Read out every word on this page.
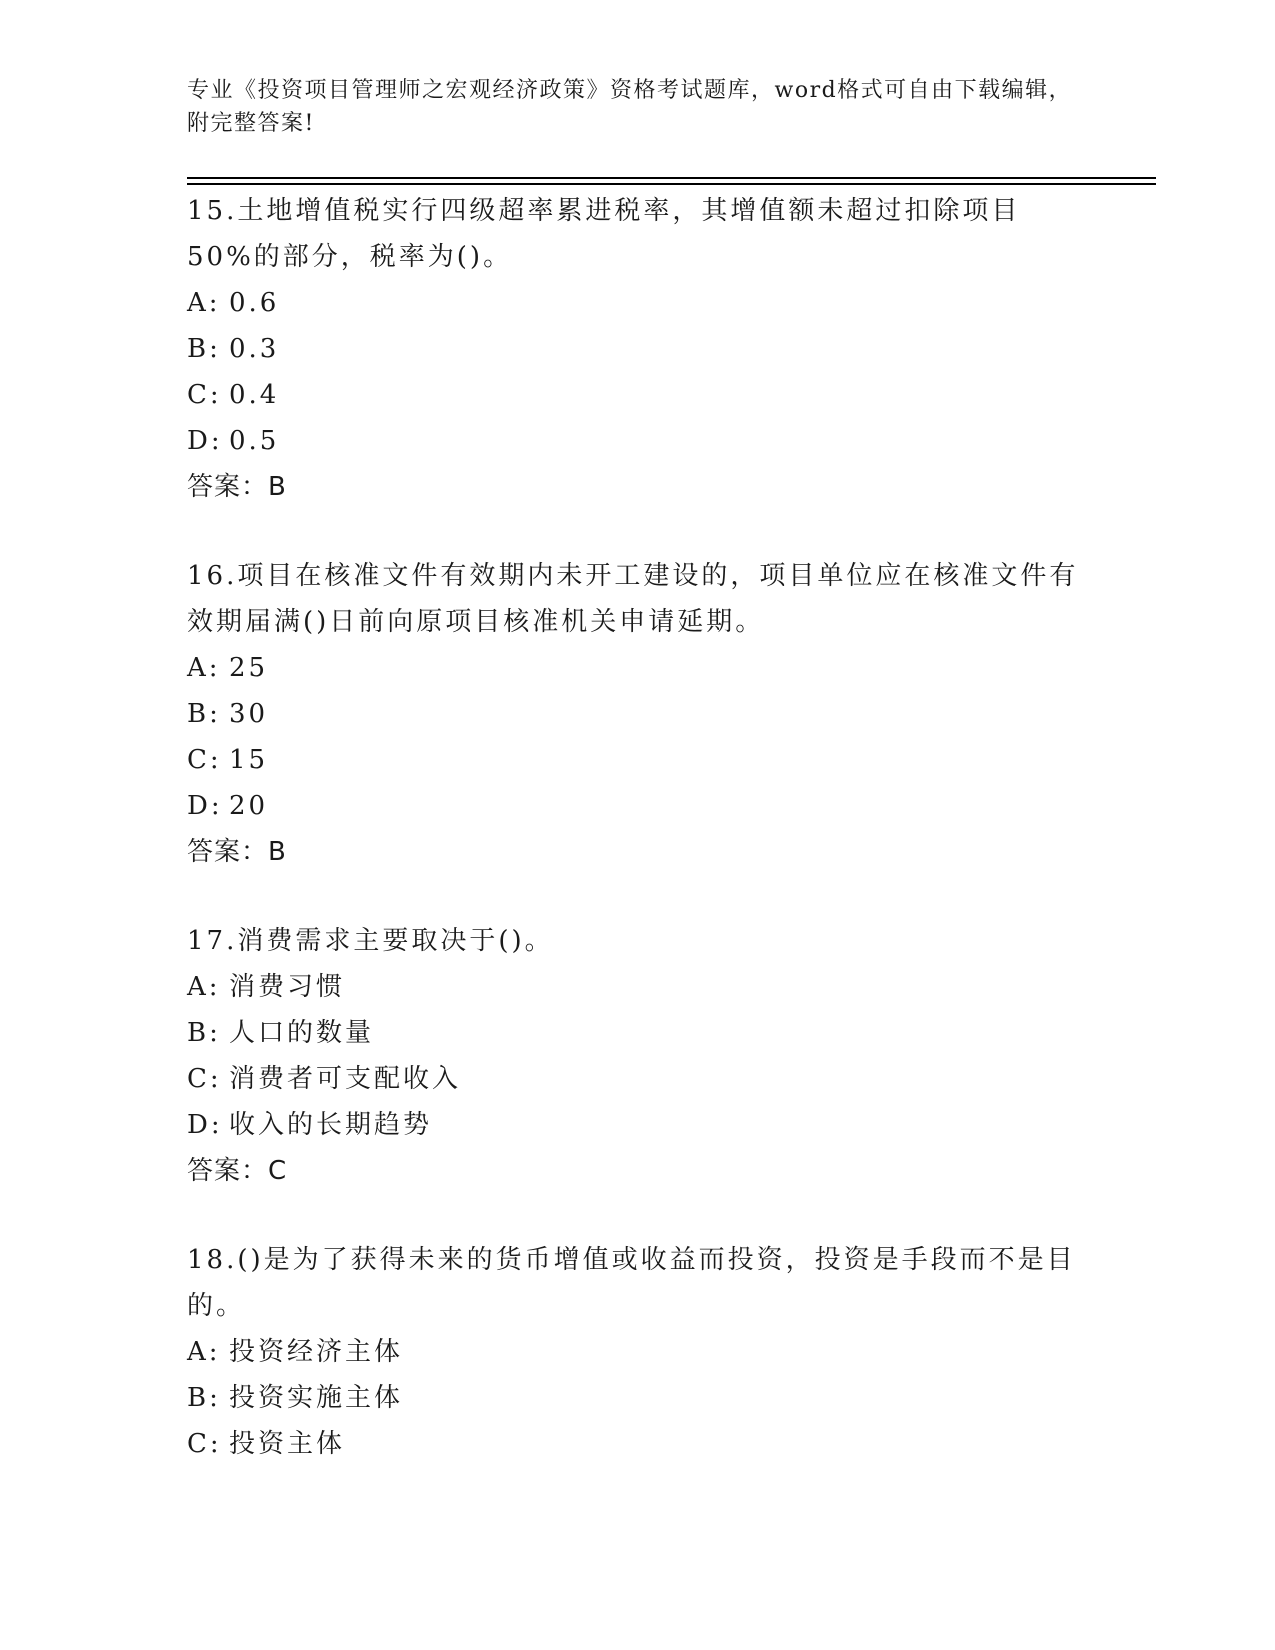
专业《投资项目管理师之宏观经济政策》资格考试题库，word格式可自由下载编辑，附完整答案!
15.土地增值税实行四级超率累进税率，其增值额未超过扣除项目50%的部分，税率为()。
A: 0.6
B: 0.3
C: 0.4
D: 0.5
答案：B
16.项目在核准文件有效期内未开工建设的，项目单位应在核准文件有效期届满()日前向原项目核准机关申请延期。
A: 25
B: 30
C: 15
D: 20
答案：B
17.消费需求主要取决于()。
A: 消费习惯
B: 人口的数量
C: 消费者可支配收入
D: 收入的长期趋势
答案：C
18.()是为了获得未来的货币增值或收益而投资，投资是手段而不是目的。
A: 投资经济主体
B: 投资实施主体
C: 投资主体
